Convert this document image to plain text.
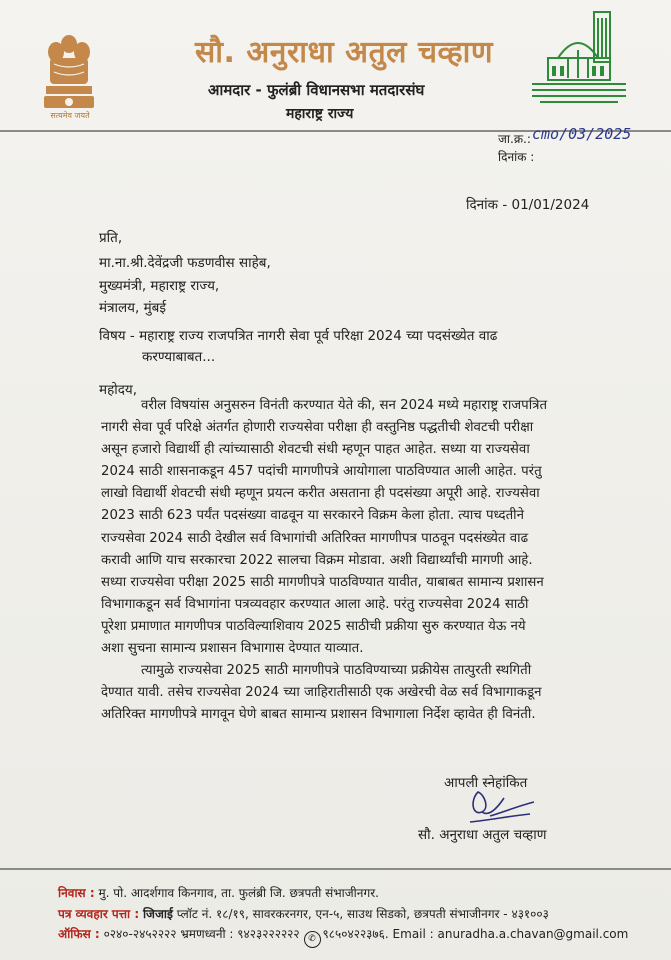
सत्यमेव जयते
सौ. अनुराधा अतुल चव्हाण
आमदार - फुलंब्री विधानसभा मतदारसंघ
महाराष्ट्र राज्य
जा.क्र.: cmo/03/2025
दिनांक :
दिनांक - 01/01/2024
प्रति,
मा.ना.श्री.देवेंद्रजी फडणवीस साहेब,
मुख्यमंत्री, महाराष्ट्र राज्य,
मंत्रालय, मुंबई
विषय - महाराष्ट्र राज्य राजपत्रित नागरी सेवा पूर्व परिक्षा 2024 च्या पदसंख्येत वाढ
करण्याबाबत...
महोदय,
वरील विषयांस अनुसरुन विनंती करण्यात येते की, सन 2024 मध्ये महाराष्ट्र राजपत्रित
नागरी सेवा पूर्व परिक्षे अंतर्गत होणारी राज्यसेवा परीक्षा ही वस्तुनिष्ठ पद्धतीची शेवटची परीक्षा
असून हजारो विद्यार्थी ही त्यांच्यासाठी शेवटची संधी म्हणून पाहत आहेत. सध्या या राज्यसेवा
2024 साठी शासनाकडून 457 पदांची मागणीपत्रे आयोगाला पाठविण्यात आली आहेत. परंतु
लाखो विद्यार्थी शेवटची संधी म्हणून प्रयत्न करीत असताना ही पदसंख्या अपूरी आहे. राज्यसेवा
2023 साठी 623 पर्यंत पदसंख्या वाढवून या सरकारने विक्रम केला होता. त्याच पध्दतीने
राज्यसेवा 2024 साठी देखील सर्व विभागांची अतिरिक्त मागणीपत्र पाठवून पदसंख्येत वाढ
करावी आणि याच सरकारचा 2022 सालचा विक्रम मोडावा. अशी विद्यार्थ्यांची मागणी आहे.
सध्या राज्यसेवा परीक्षा 2025 साठी मागणीपत्रे पाठविण्यात यावीत, याबाबत सामान्य प्रशासन
विभागाकडून सर्व विभागांना पत्रव्यवहार करण्यात आला आहे. परंतु राज्यसेवा 2024 साठी
पूरेशा प्रमाणात मागणीपत्र पाठविल्याशिवाय 2025 साठीची प्रक्रीया सुरु करण्यात येऊ नये
अशा सुचना सामान्य प्रशासन विभागास देण्यात याव्यात.
त्यामुळे राज्यसेवा 2025 साठी मागणीपत्रे पाठविण्याच्या प्रक्रीयेस तात्पुरती स्थगिती
देण्यात यावी. तसेच राज्यसेवा 2024 च्या जाहिरातीसाठी एक अखेरची वेळ सर्व विभागाकडून
अतिरिक्त मागणीपत्रे मागवून घेणे बाबत सामान्य प्रशासन विभागाला निर्देश व्हावेत ही विनंती.
आपली स्नेहांकित
सौ. अनुराधा अतुल चव्हाण
निवास : मु. पो. आदर्शगाव किनगाव, ता. फुलंब्री जि. छत्रपती संभाजीनगर.
पत्र व्यवहार पत्ता : जिजाई प्लॉट नं. १८/१९, सावरकरनगर, एन-५, साउथ सिडको, छत्रपती संभाजीनगर - ४३१००३
ऑफिस : ०२४०-२४५२२२२ भ्रमणध्वनी : ९४२३२२२२२२ ✆ ९८५०४२२३७६. Email : anuradha.a.chavan@gmail.com
